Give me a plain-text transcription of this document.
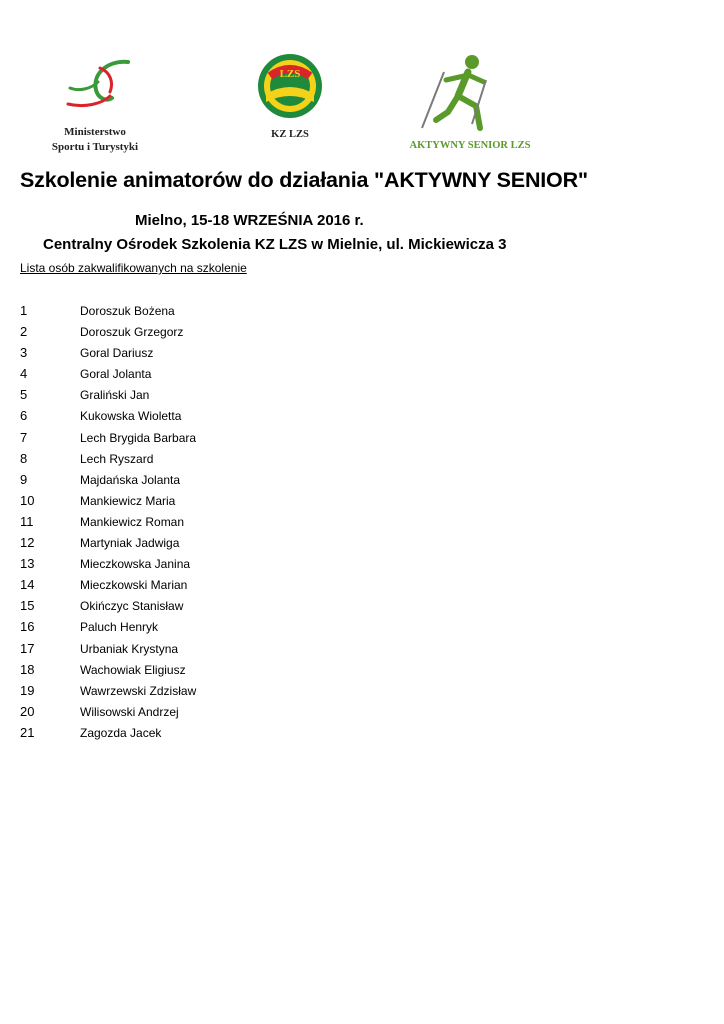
Ministerstwo
Sportu i Turystyki
LZS
KZ LZS
AKTYWNY SENIOR LZS
Szkolenie animatorów do działania "AKTYWNY SENIOR"
Mielno, 15-18 WRZEŚNIA 2016 r.
Centralny Ośrodek Szkolenia KZ LZS w Mielnie, ul. Mickiewicza 3
Lista osób zakwalifikowanych na szkolenie
1	Doroszuk Bożena
2	Doroszuk Grzegorz
3	Goral Dariusz
4	Goral Jolanta
5	Graliński Jan
6	Kukowska Wioletta
7	Lech Brygida Barbara
8	Lech Ryszard
9	Majdańska Jolanta
10	Mankiewicz Maria
11	Mankiewicz Roman
12	Martyniak Jadwiga
13	Mieczkowska Janina
14	Mieczkowski Marian
15	Okińczyc Stanisław
16	Paluch Henryk
17	Urbaniak Krystyna
18	Wachowiak Eligiusz
19	Wawrzewski Zdzisław
20	Wilisowski Andrzej
21	Zagozda Jacek
